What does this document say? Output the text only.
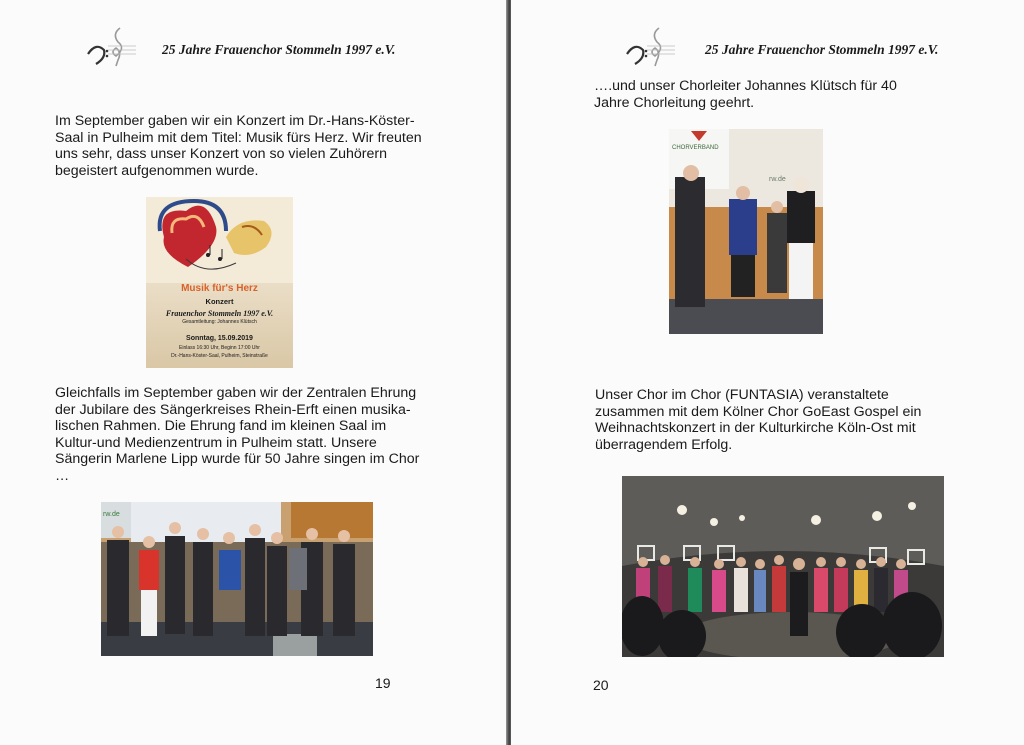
25 Jahre Frauenchor Stommeln 1997 e.V.

Im September gaben wir ein Konzert im Dr.-Hans-Köster-
Saal in Pulheim mit dem Titel: Musik fürs Herz. Wir freuten
uns sehr, dass unser Konzert von so vielen Zuhörern
begeistert aufgenommen wurde.

Musik für's Herz
Konzert
Frauenchor Stommeln 1997 e.V.
Gesamtleitung: Johannes Klütsch
Sonntag, 15.09.2019
Einlass 16:30 Uhr, Beginn 17:00 Uhr
Dr.-Hans-Köster-Saal, Pulheim, Steinstraße

Gleichfalls im September gaben wir der Zentralen Ehrung
der Jubilare des Sängerkreises Rhein-Erft einen musika-
lischen Rahmen. Die Ehrung fand im kleinen Saal im
Kultur-und Medienzentrum in Pulheim statt. Unsere
Sängerin Marlene Lipp wurde für 50 Jahre singen im Chor
…

rw.de
19
25 Jahre Frauenchor Stommeln 1997 e.V.

….und unser Chorleiter Johannes Klütsch für 40
Jahre Chorleitung geehrt.

CHORVERBAND
rw.de

Unser Chor im Chor (FUNTASIA) veranstaltete
zusammen mit dem Kölner Chor GoEast Gospel ein
Weihnachtskonzert in der Kulturkirche Köln-Ost mit
überragendem Erfolg.

20
